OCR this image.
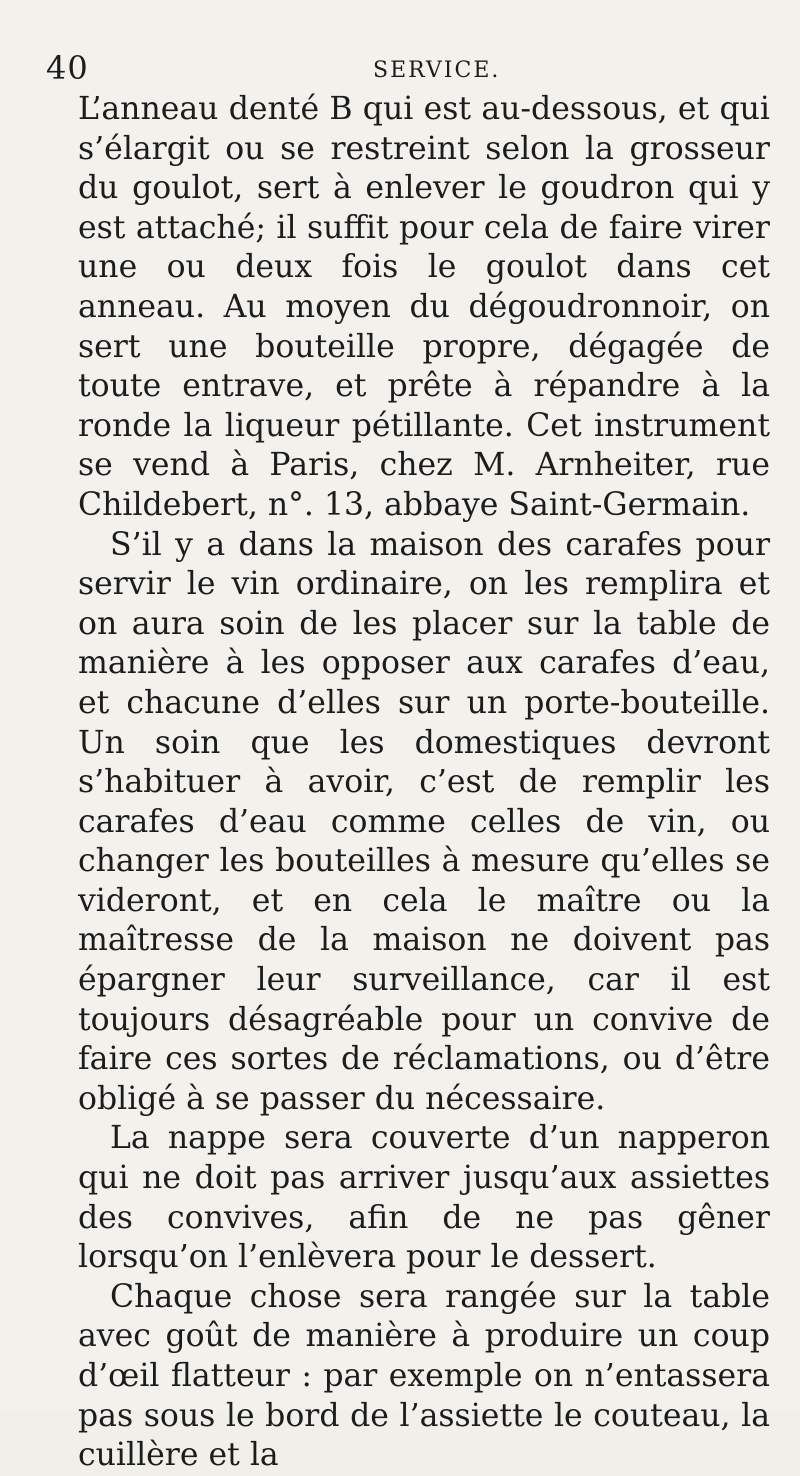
40	SERVICE.

L’anneau denté B qui est au-dessous, et qui s’élargit ou se restreint selon la grosseur du goulot, sert à enlever le goudron qui y est attaché; il suffit pour cela de faire virer une ou deux fois le goulot dans cet anneau. Au moyen du dégoudronnoir, on sert une bouteille propre, dégagée de toute entrave, et prête à répandre à la ronde la liqueur pétillante. Cet instrument se vend à Paris, chez M. Arnheiter, rue Childebert, n°. 13, abbaye Saint-Germain.

S’il y a dans la maison des carafes pour servir le vin ordinaire, on les remplira et on aura soin de les placer sur la table de manière à les opposer aux carafes d’eau, et chacune d’elles sur un porte-bouteille. Un soin que les domestiques devront s’habituer à avoir, c’est de remplir les carafes d’eau comme celles de vin, ou changer les bouteilles à mesure qu’elles se videront, et en cela le maître ou la maîtresse de la maison ne doivent pas épargner leur surveillance, car il est toujours désagréable pour un convive de faire ces sortes de réclamations, ou d’être obligé à se passer du nécessaire.

La nappe sera couverte d’un napperon qui ne doit pas arriver jusqu’aux assiettes des convives, afin de ne pas gêner lorsqu’on l’enlèvera pour le dessert.

Chaque chose sera rangée sur la table avec goût de manière à produire un coup d’œil flatteur : par exemple on n’entassera pas sous le bord de l’assiette le couteau, la cuillère et la
